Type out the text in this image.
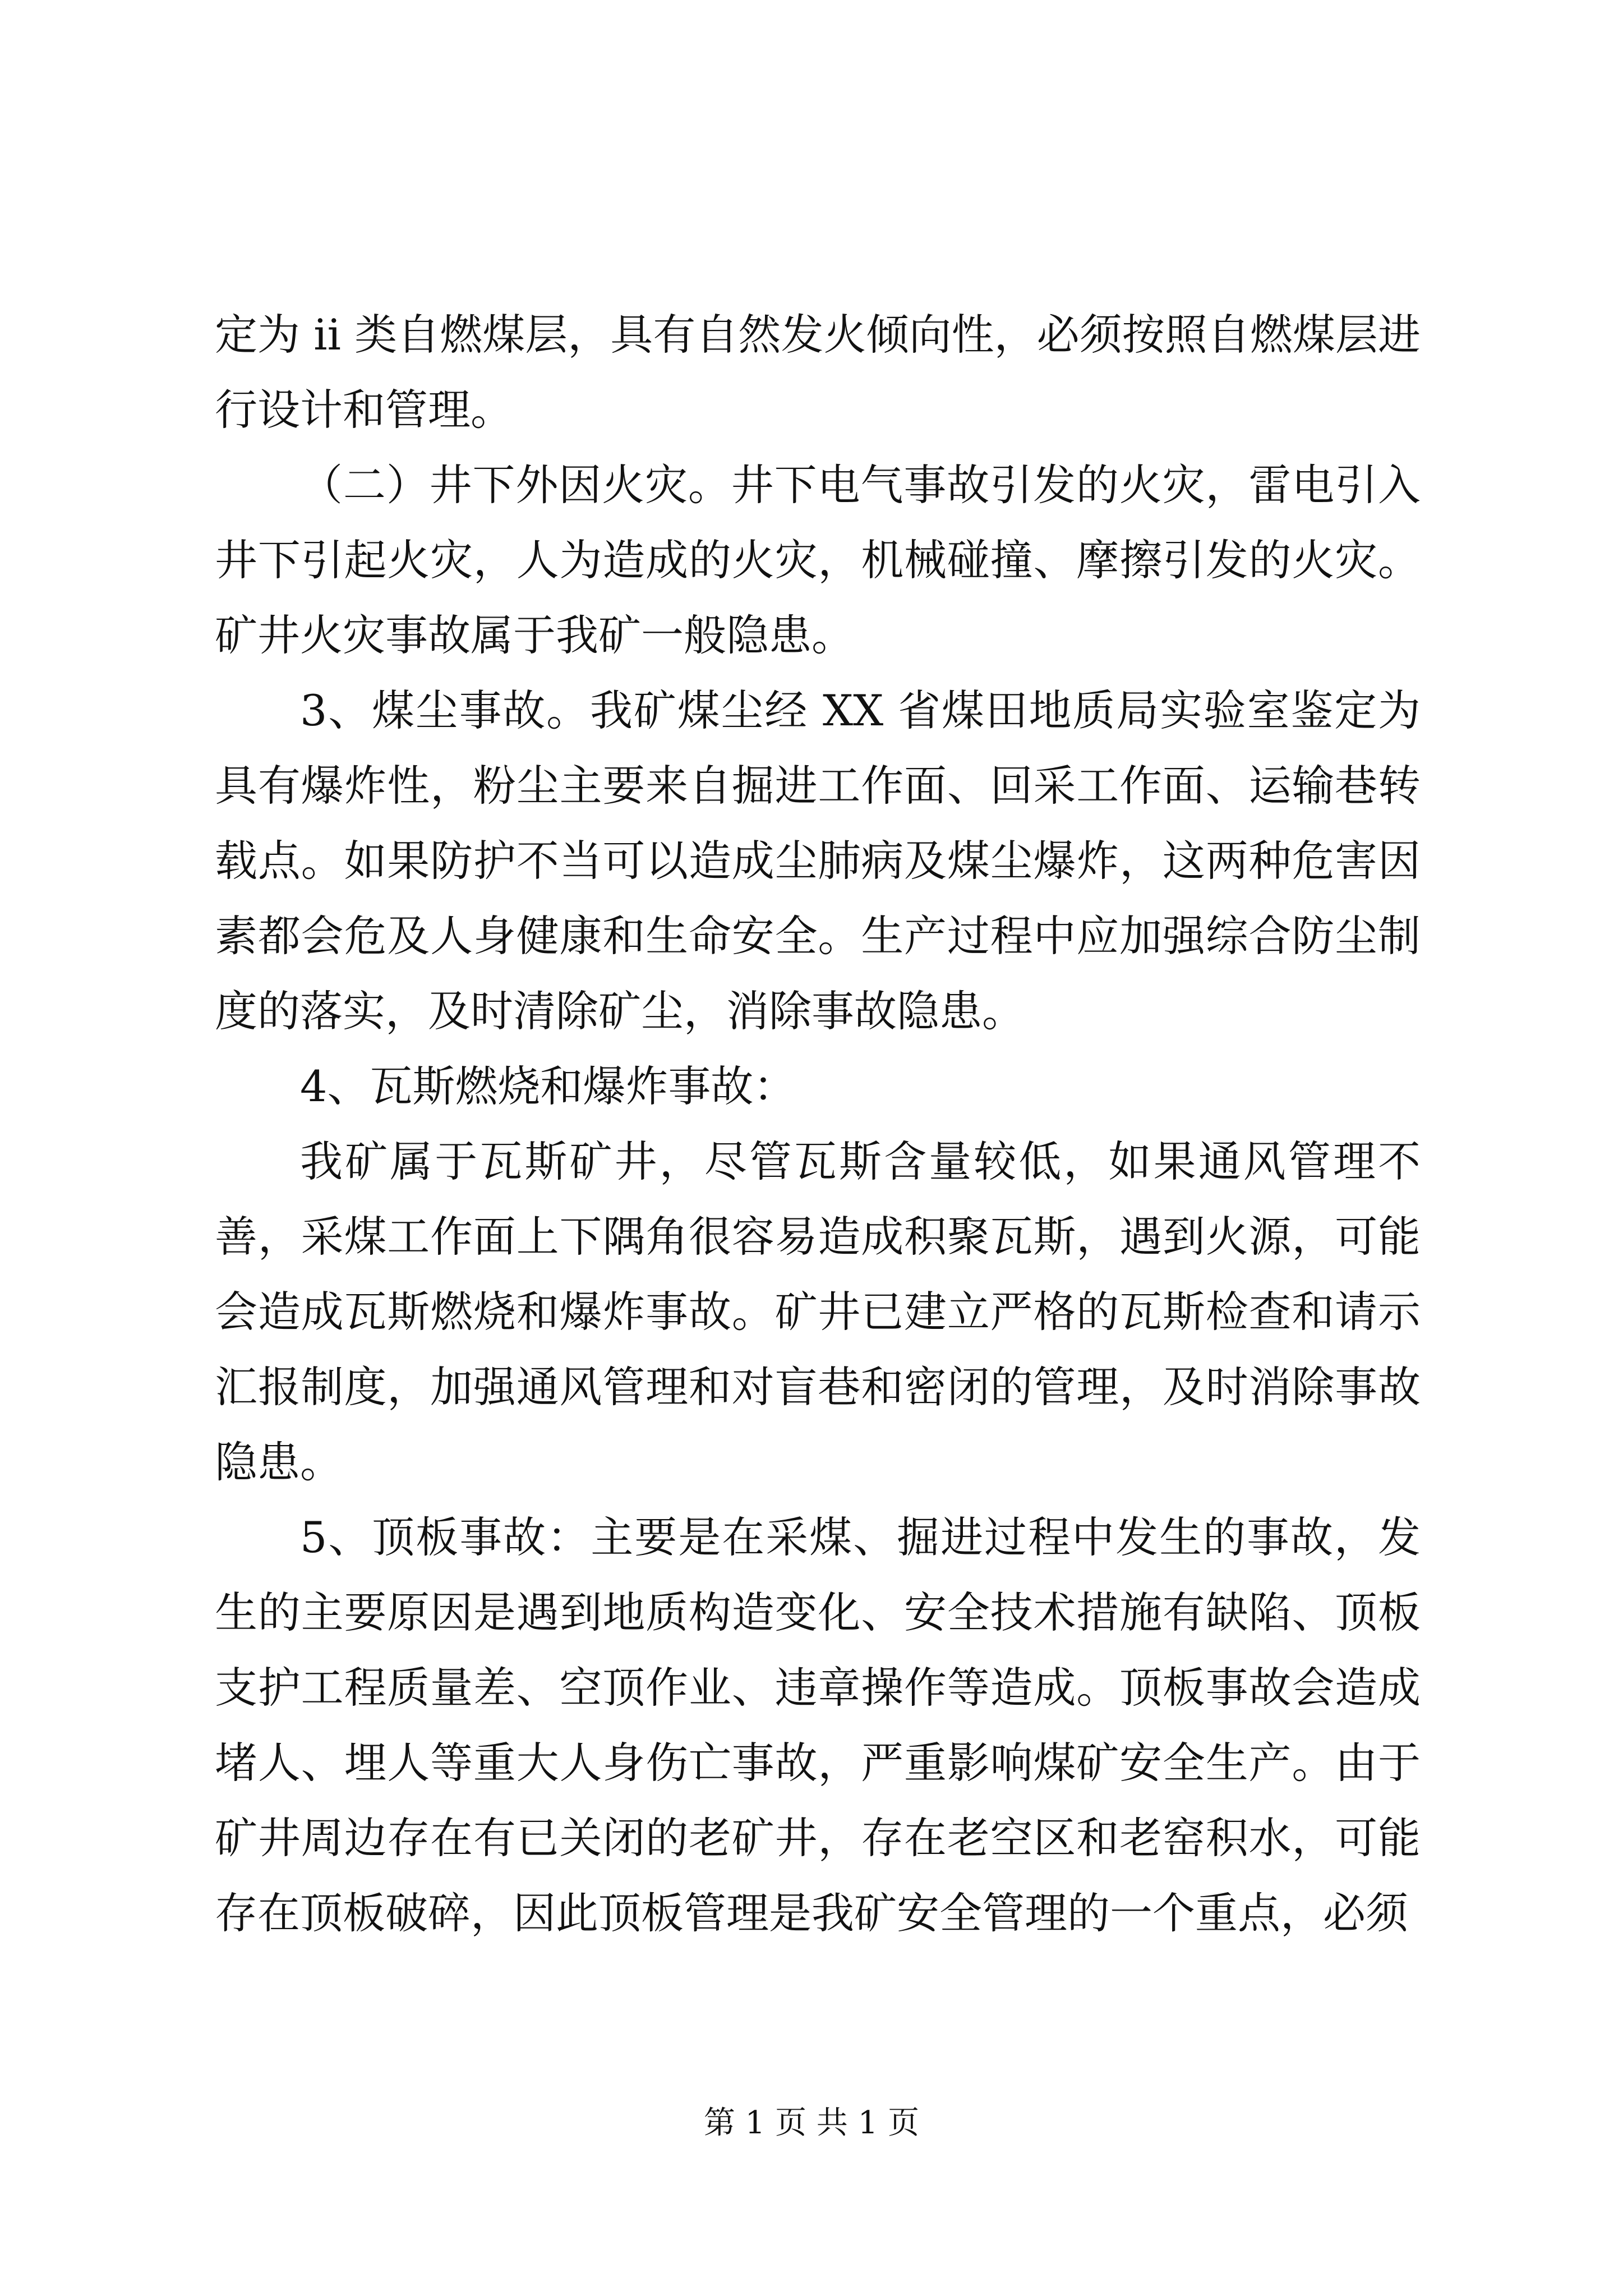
定为 ii 类自燃煤层，具有自然发火倾向性，必须按照自燃煤层进行设计和管理。

（二）井下外因火灾。井下电气事故引发的火灾，雷电引入井下引起火灾，人为造成的火灾，机械碰撞、摩擦引发的火灾。矿井火灾事故属于我矿一般隐患。

3、煤尘事故。我矿煤尘经 XX 省煤田地质局实验室鉴定为具有爆炸性，粉尘主要来自掘进工作面、回采工作面、运输巷转载点。如果防护不当可以造成尘肺病及煤尘爆炸，这两种危害因素都会危及人身健康和生命安全。生产过程中应加强综合防尘制度的落实，及时清除矿尘，消除事故隐患。

4、瓦斯燃烧和爆炸事故：

我矿属于瓦斯矿井，尽管瓦斯含量较低，如果通风管理不善，采煤工作面上下隅角很容易造成积聚瓦斯，遇到火源，可能会造成瓦斯燃烧和爆炸事故。矿井已建立严格的瓦斯检查和请示汇报制度，加强通风管理和对盲巷和密闭的管理，及时消除事故隐患。

5、顶板事故：主要是在采煤、掘进过程中发生的事故，发生的主要原因是遇到地质构造变化、安全技术措施有缺陷、顶板支护工程质量差、空顶作业、违章操作等造成。顶板事故会造成堵人、埋人等重大人身伤亡事故，严重影响煤矿安全生产。由于矿井周边存在有已关闭的老矿井，存在老空区和老窑积水，可能存在顶板破碎，因此顶板管理是我矿安全管理的一个重点，必须

第 1 页 共 1 页
